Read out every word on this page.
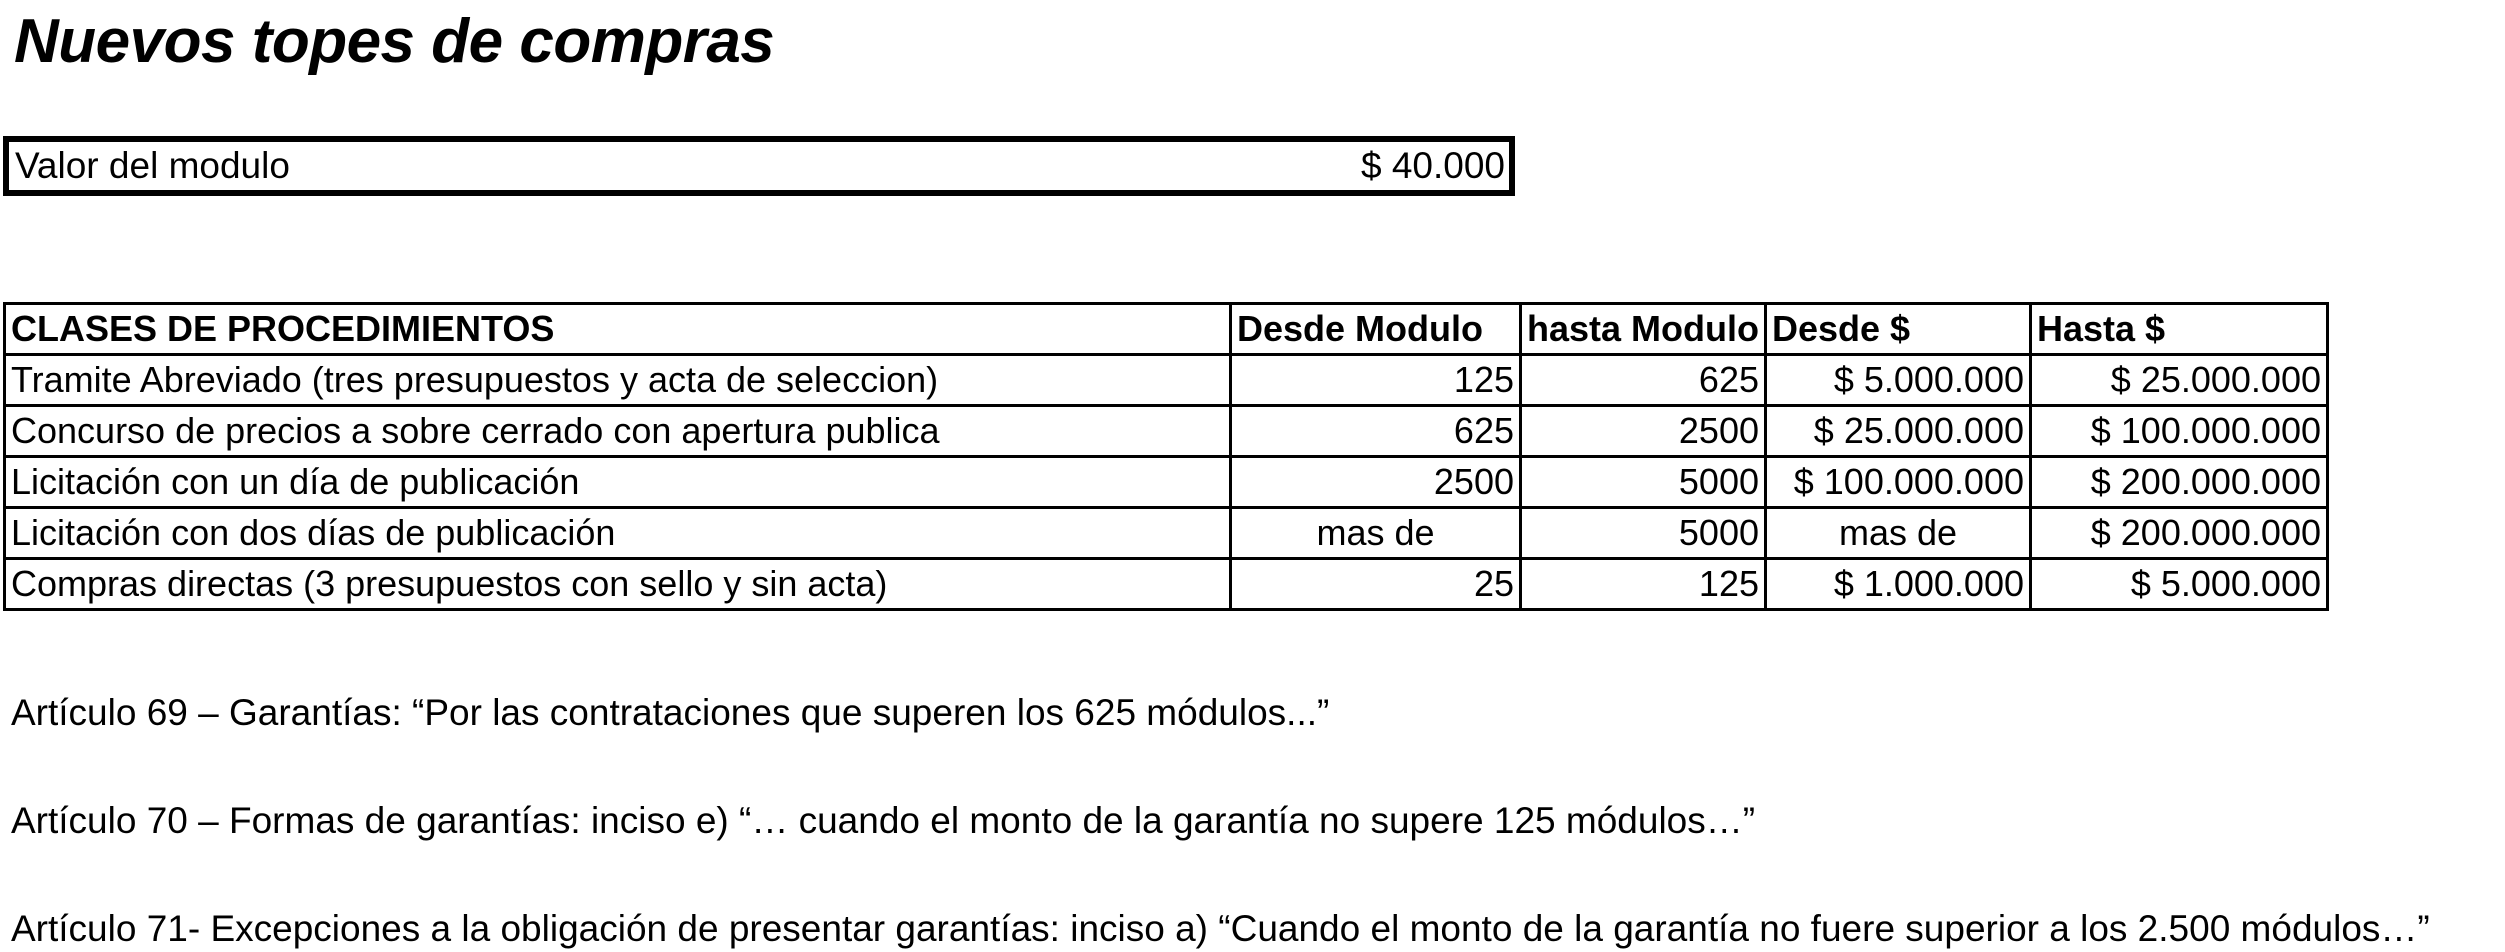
Nuevos topes de compras
Valor del modulo	$ 40.000
CLASES DE PROCEDIMIENTOS	Desde Modulo	hasta Modulo	Desde $	Hasta $
Tramite Abreviado (tres presupuestos y acta de seleccion)	125	625	$ 5.000.000	$ 25.000.000
Concurso de precios a sobre cerrado con apertura publica	625	2500	$ 25.000.000	$ 100.000.000
Licitación con un día de publicación	2500	5000	$ 100.000.000	$ 200.000.000
Licitación con dos días de publicación	mas de	5000	mas de	$ 200.000.000
Compras directas (3 presupuestos con sello y sin acta)	25	125	$ 1.000.000	$ 5.000.000
Artículo 69 – Garantías: “Por las contrataciones que superen los 625 módulos...”
Artículo 70 – Formas de garantías: inciso e) “… cuando el monto de la garantía no supere 125 módulos…”
Artículo 71- Excepciones a la obligación de presentar garantías: inciso a) “Cuando el monto de la garantía no fuere superior a los 2.500 módulos…”
